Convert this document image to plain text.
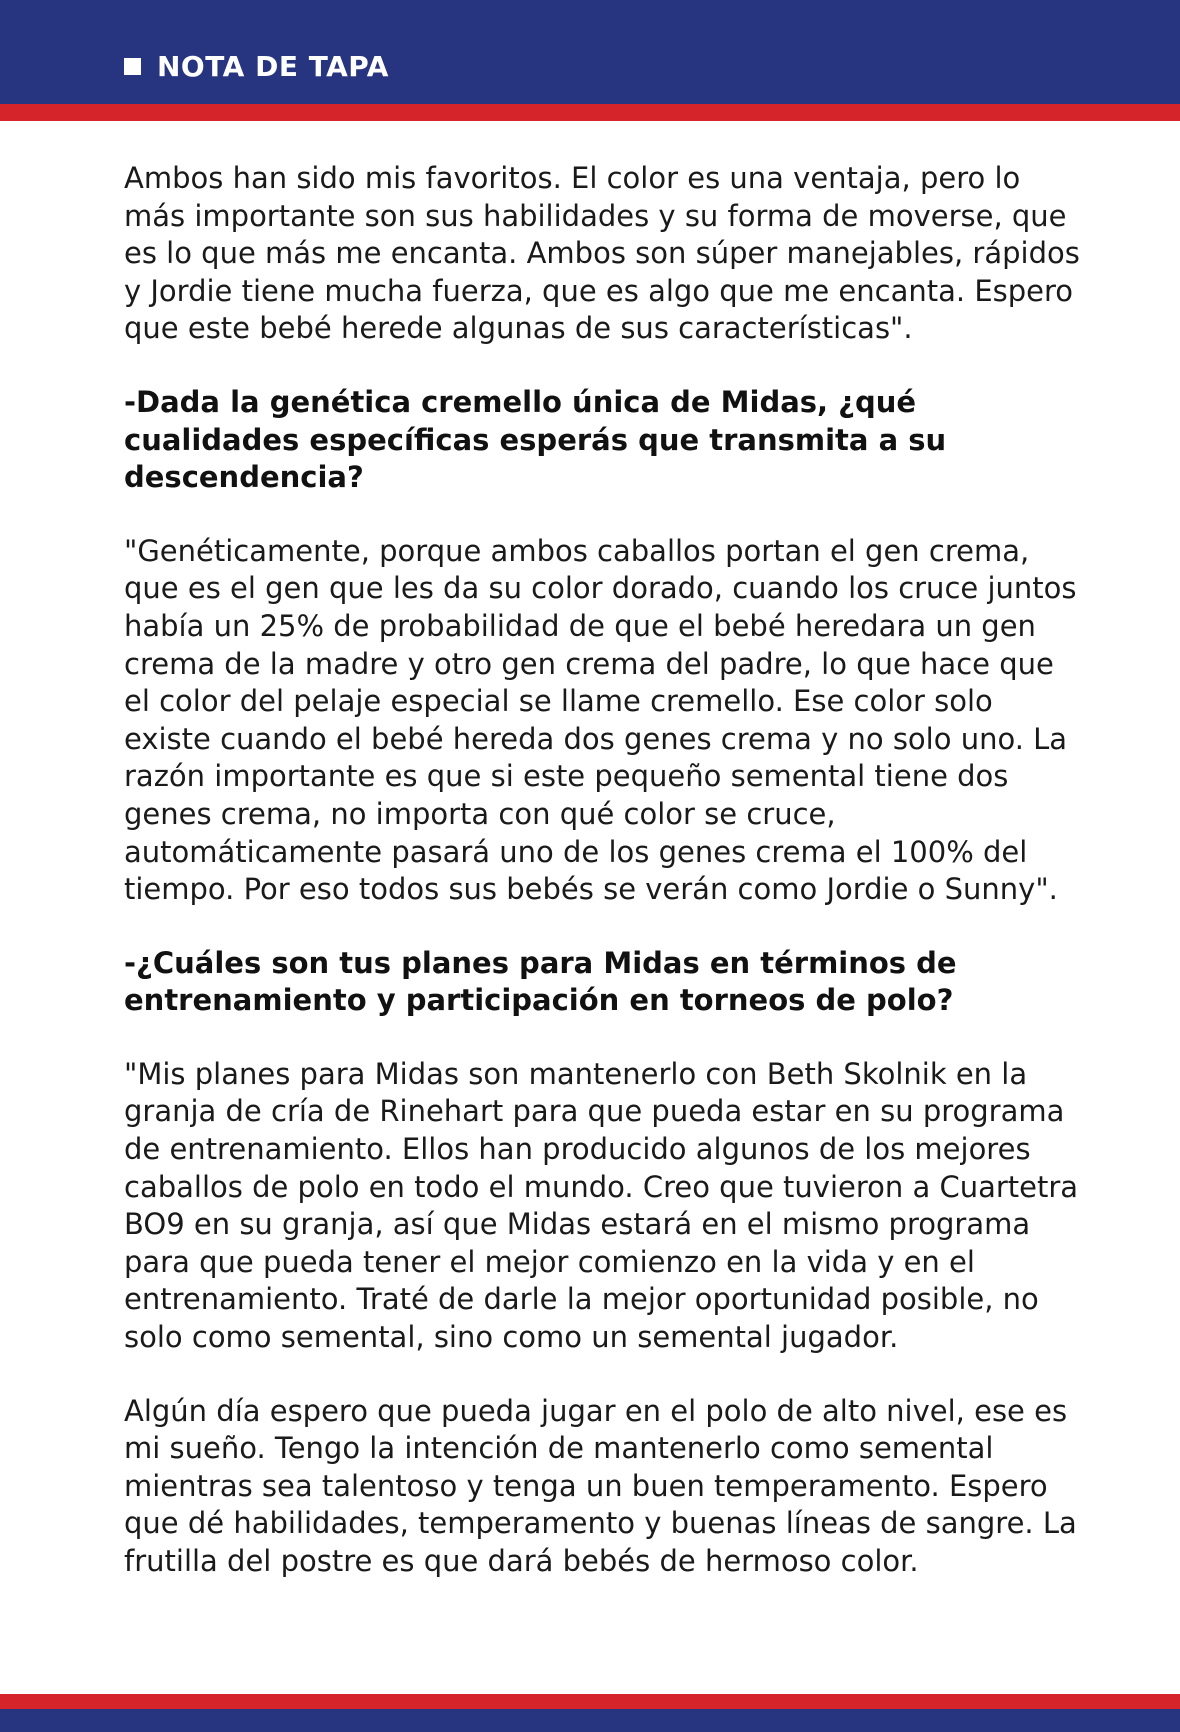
NOTA DE TAPA

Ambos han sido mis favoritos. El color es una ventaja, pero lo más importante son sus habilidades y su forma de moverse, que es lo que más me encanta. Ambos son súper manejables, rápidos y Jordie tiene mucha fuerza, que es algo que me encanta. Espero que este bebé herede algunas de sus características".

-Dada la genética cremello única de Midas, ¿qué cualidades específicas esperás que transmita a su descendencia?

"Genéticamente, porque ambos caballos portan el gen crema, que es el gen que les da su color dorado, cuando los cruce juntos había un 25% de probabilidad de que el bebé heredara un gen crema de la madre y otro gen crema del padre, lo que hace que el color del pelaje especial se llame cremello. Ese color solo existe cuando el bebé hereda dos genes crema y no solo uno. La razón importante es que si este pequeño semental tiene dos genes crema, no importa con qué color se cruce, automáticamente pasará uno de los genes crema el 100% del tiempo. Por eso todos sus bebés se verán como Jordie o Sunny".

-¿Cuáles son tus planes para Midas en términos de entrenamiento y participación en torneos de polo?

"Mis planes para Midas son mantenerlo con Beth Skolnik en la granja de cría de Rinehart para que pueda estar en su programa de entrenamiento. Ellos han producido algunos de los mejores caballos de polo en todo el mundo. Creo que tuvieron a Cuartetra BO9 en su granja, así que Midas estará en el mismo programa para que pueda tener el mejor comienzo en la vida y en el entrenamiento. Traté de darle la mejor oportunidad posible, no solo como semental, sino como un semental jugador.

Algún día espero que pueda jugar en el polo de alto nivel, ese es mi sueño. Tengo la intención de mantenerlo como semental mientras sea talentoso y tenga un buen temperamento. Espero que dé habilidades, temperamento y buenas líneas de sangre. La frutilla del postre es que dará bebés de hermoso color.
